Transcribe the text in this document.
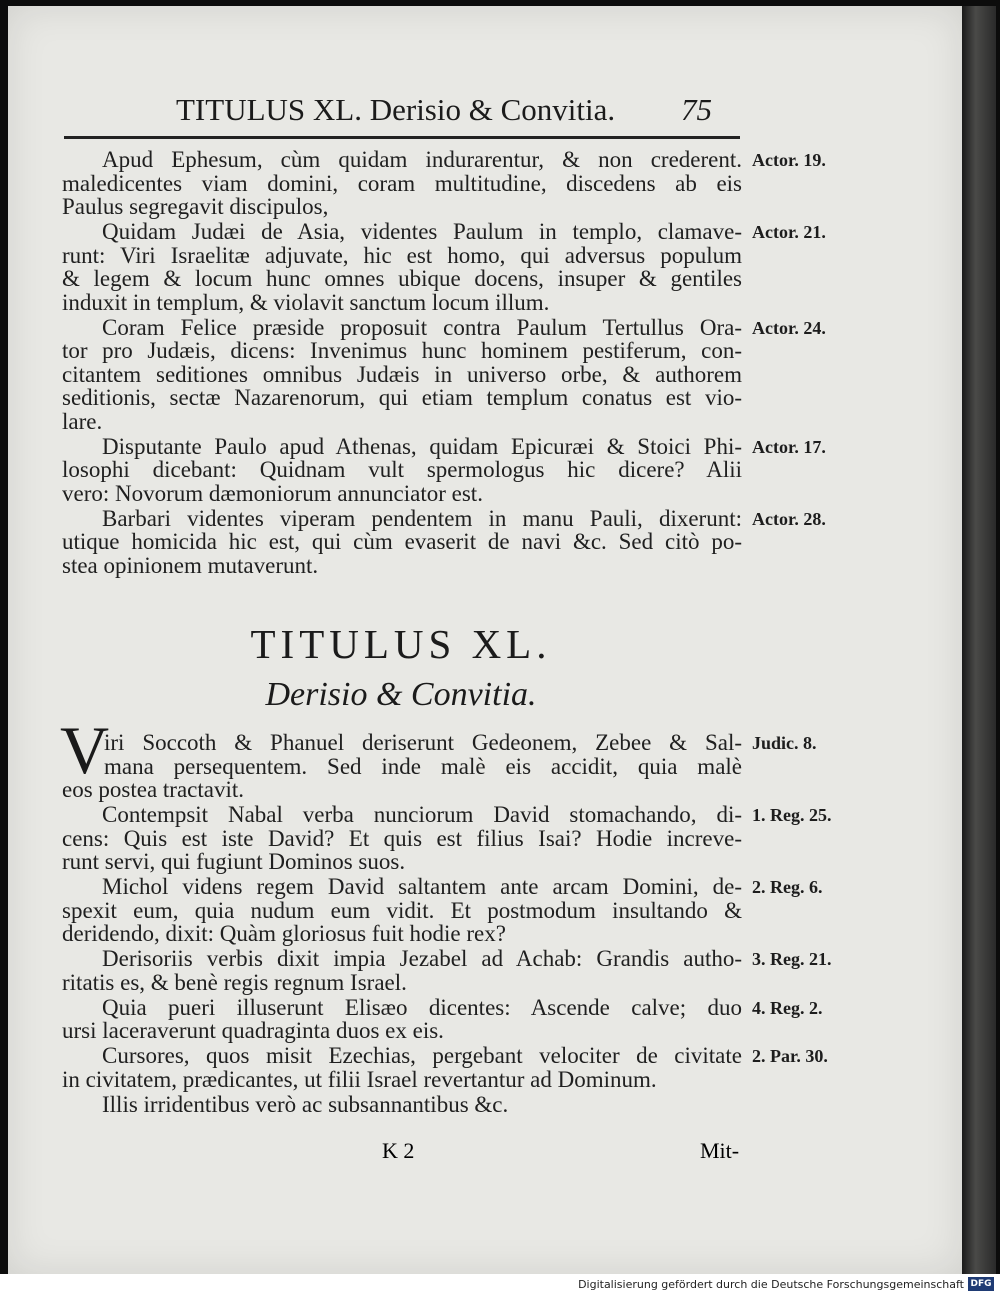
TITULUS XL. Derisio & Convitia. 75
Apud Ephesum, cùm quidam indurarentur, & non crederent.
maledicentes viam domini, coram multitudine, discedens ab eis
Paulus segregavit discipulos,
Actor. 19.
Quidam Judæi de Asia, videntes Paulum in templo, clamave-
runt: Viri Israelitæ adjuvate, hic est homo, qui adversus populum
& legem & locum hunc omnes ubique docens, insuper & gentiles
induxit in templum, & violavit sanctum locum illum.
Actor. 21.
Coram Felice præside proposuit contra Paulum Tertullus Ora-
tor pro Judæis, dicens: Invenimus hunc hominem pestiferum, con-
citantem seditiones omnibus Judæis in universo orbe, & authorem
seditionis, sectæ Nazarenorum, qui etiam templum conatus est vio-
lare.
Actor. 24.
Disputante Paulo apud Athenas, quidam Epicuræi & Stoici Phi-
losophi dicebant: Quidnam vult spermologus hic dicere? Alii
vero: Novorum dæmoniorum annunciator est.
Actor. 17.
Barbari videntes viperam pendentem in manu Pauli, dixerunt:
utique homicida hic est, qui cùm evaserit de navi &c. Sed citò po-
stea opinionem mutaverunt.
Actor. 28.
TITULUS XL.
Derisio & Convitia.
V
iri Soccoth & Phanuel deriserunt Gedeonem, Zebee & Sal-
mana persequentem. Sed inde malè eis accidit, quia malè
eos postea tractavit.
Judic. 8.
Contempsit Nabal verba nunciorum David stomachando, di-
cens: Quis est iste David? Et quis est filius Isai? Hodie increve-
runt servi, qui fugiunt Dominos suos.
1. Reg. 25.
Michol videns regem David saltantem ante arcam Domini, de-
spexit eum, quia nudum eum vidit. Et postmodum insultando &
deridendo, dixit: Quàm gloriosus fuit hodie rex?
2. Reg. 6.
Derisoriis verbis dixit impia Jezabel ad Achab: Grandis autho-
ritatis es, & benè regis regnum Israel.
3. Reg. 21.
Quia pueri illuserunt Elisæo dicentes: Ascende calve; duo
ursi laceraverunt quadraginta duos ex eis.
4. Reg. 2.
Cursores, quos misit Ezechias, pergebant velociter de civitate
in civitatem, prædicantes, ut filii Israel revertantur ad Dominum.
2. Par. 30.
Illis irridentibus verò ac subsannantibus &c.
K 2	Mit-
Digitalisierung gefördert durch die Deutsche Forschungsgemeinschaft DFG
